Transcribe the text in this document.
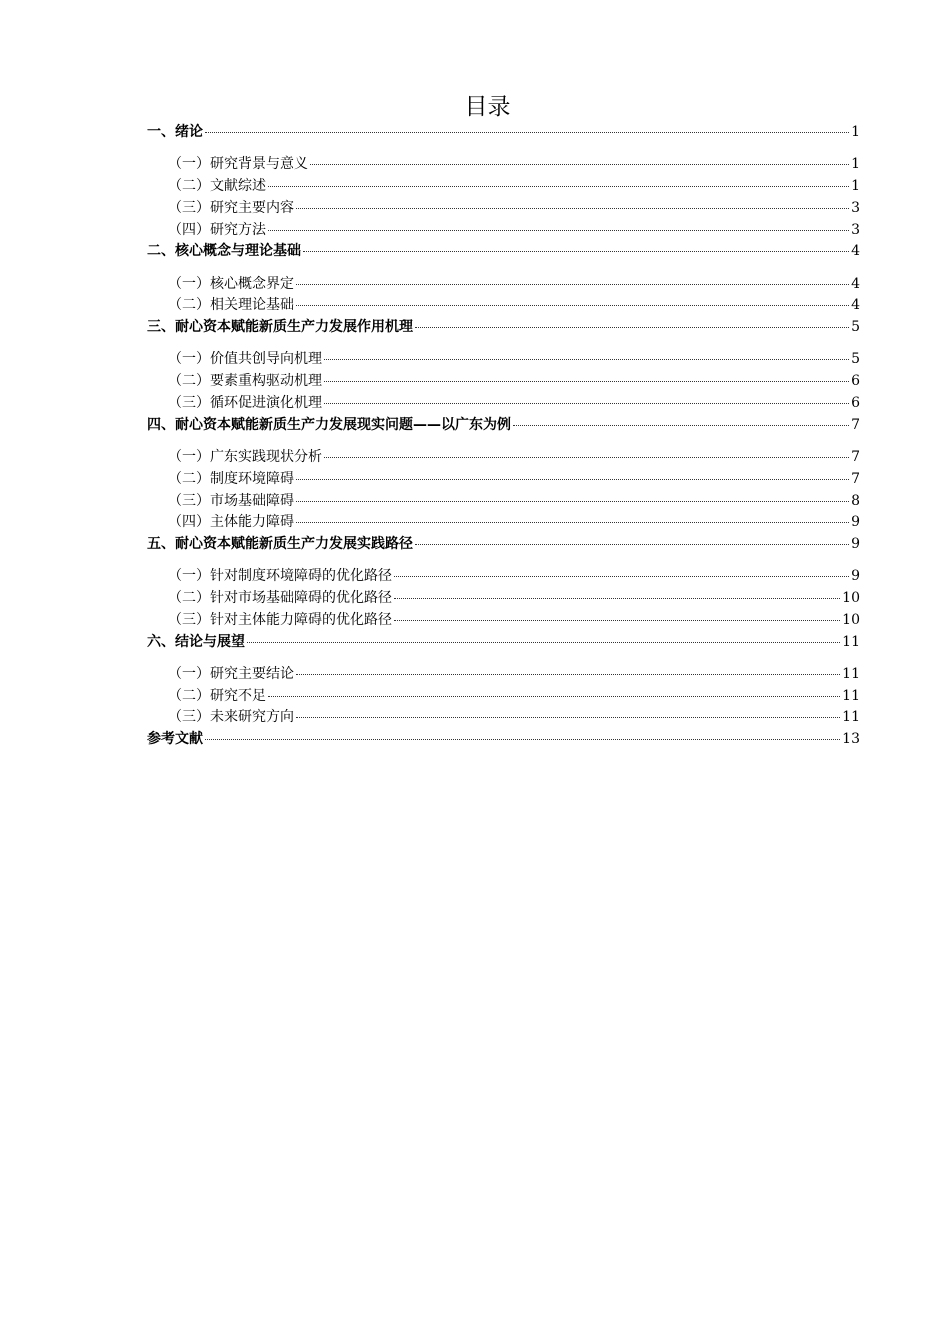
目录
一、绪论	1
（一）研究背景与意义	1
（二）文献综述	1
（三）研究主要内容	3
（四）研究方法	3
二、核心概念与理论基础	4
（一）核心概念界定	4
（二）相关理论基础	4
三、耐心资本赋能新质生产力发展作用机理	5
（一）价值共创导向机理	5
（二）要素重构驱动机理	6
（三）循环促进演化机理	6
四、耐心资本赋能新质生产力发展现实问题——以广东为例	7
（一）广东实践现状分析	7
（二）制度环境障碍	7
（三）市场基础障碍	8
（四）主体能力障碍	9
五、耐心资本赋能新质生产力发展实践路径	9
（一）针对制度环境障碍的优化路径	9
（二）针对市场基础障碍的优化路径	10
（三）针对主体能力障碍的优化路径	10
六、结论与展望	11
（一）研究主要结论	11
（二）研究不足	11
（三）未来研究方向	11
参考文献	13
